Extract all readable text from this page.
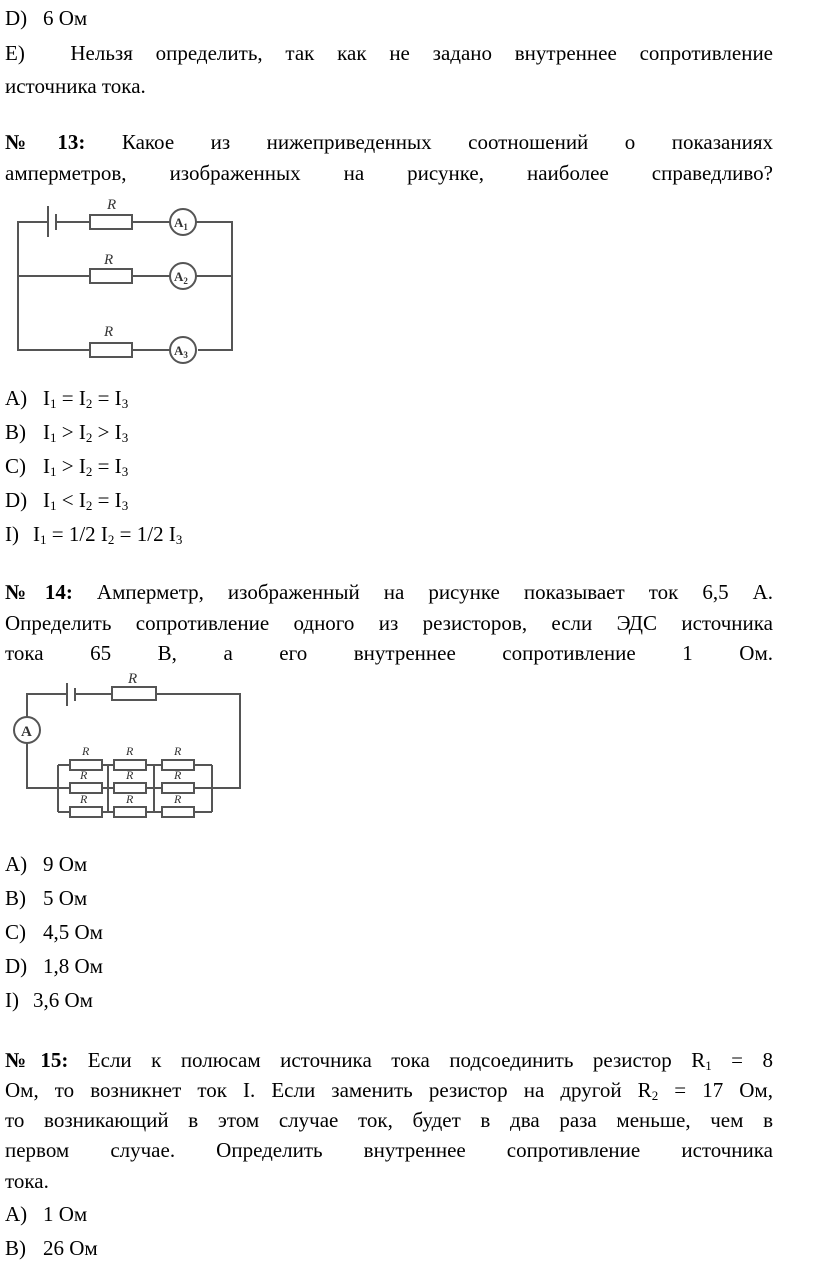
D) 6 Ом
E) Нельзя определить, так как не задано внутреннее сопротивление
источника тока.
№13: Какое из нижеприведенных соотношений о показаниях
амперметров, изображенных на рисунке, наиболее справедливо?
R
R
R
$A_1$
$A_2$
$A_3$
A) $I_1 = I_2 = I_3$
B) $I_1 > I_2 > I_3$
C) $I_1 > I_2 = I_3$
D) $I_1 < I_2 = I_3$
I) $I_1 = 1/2$ $I_2 = 1/2$ $I_3$
№14: Амперметр, изображенный на рисунке показывает ток 6,5 А.
Определить сопротивление одного из резисторов, если ЭДС источника
тока 65 В, а его внутреннее сопротивление 1 Ом.
R
R	R	R
R	R	R
R	R	R
A
A) 9 Ом
B) 5 Ом
C) 4,5 Ом
D) 1,8 Ом
I) 3,6 Ом
№15: Если к полюсам источника тока подсоединить резистор $R_1 = 8$
Ом, то возникнет ток I. Если заменить резистор на другой $R_2 = 17$ Ом,
то возникающий в этом случае ток, будет в два раза меньше, чем в
первом случае. Определить внутреннее сопротивление источника
тока.
A) 1 Ом
B) 26 Ом
